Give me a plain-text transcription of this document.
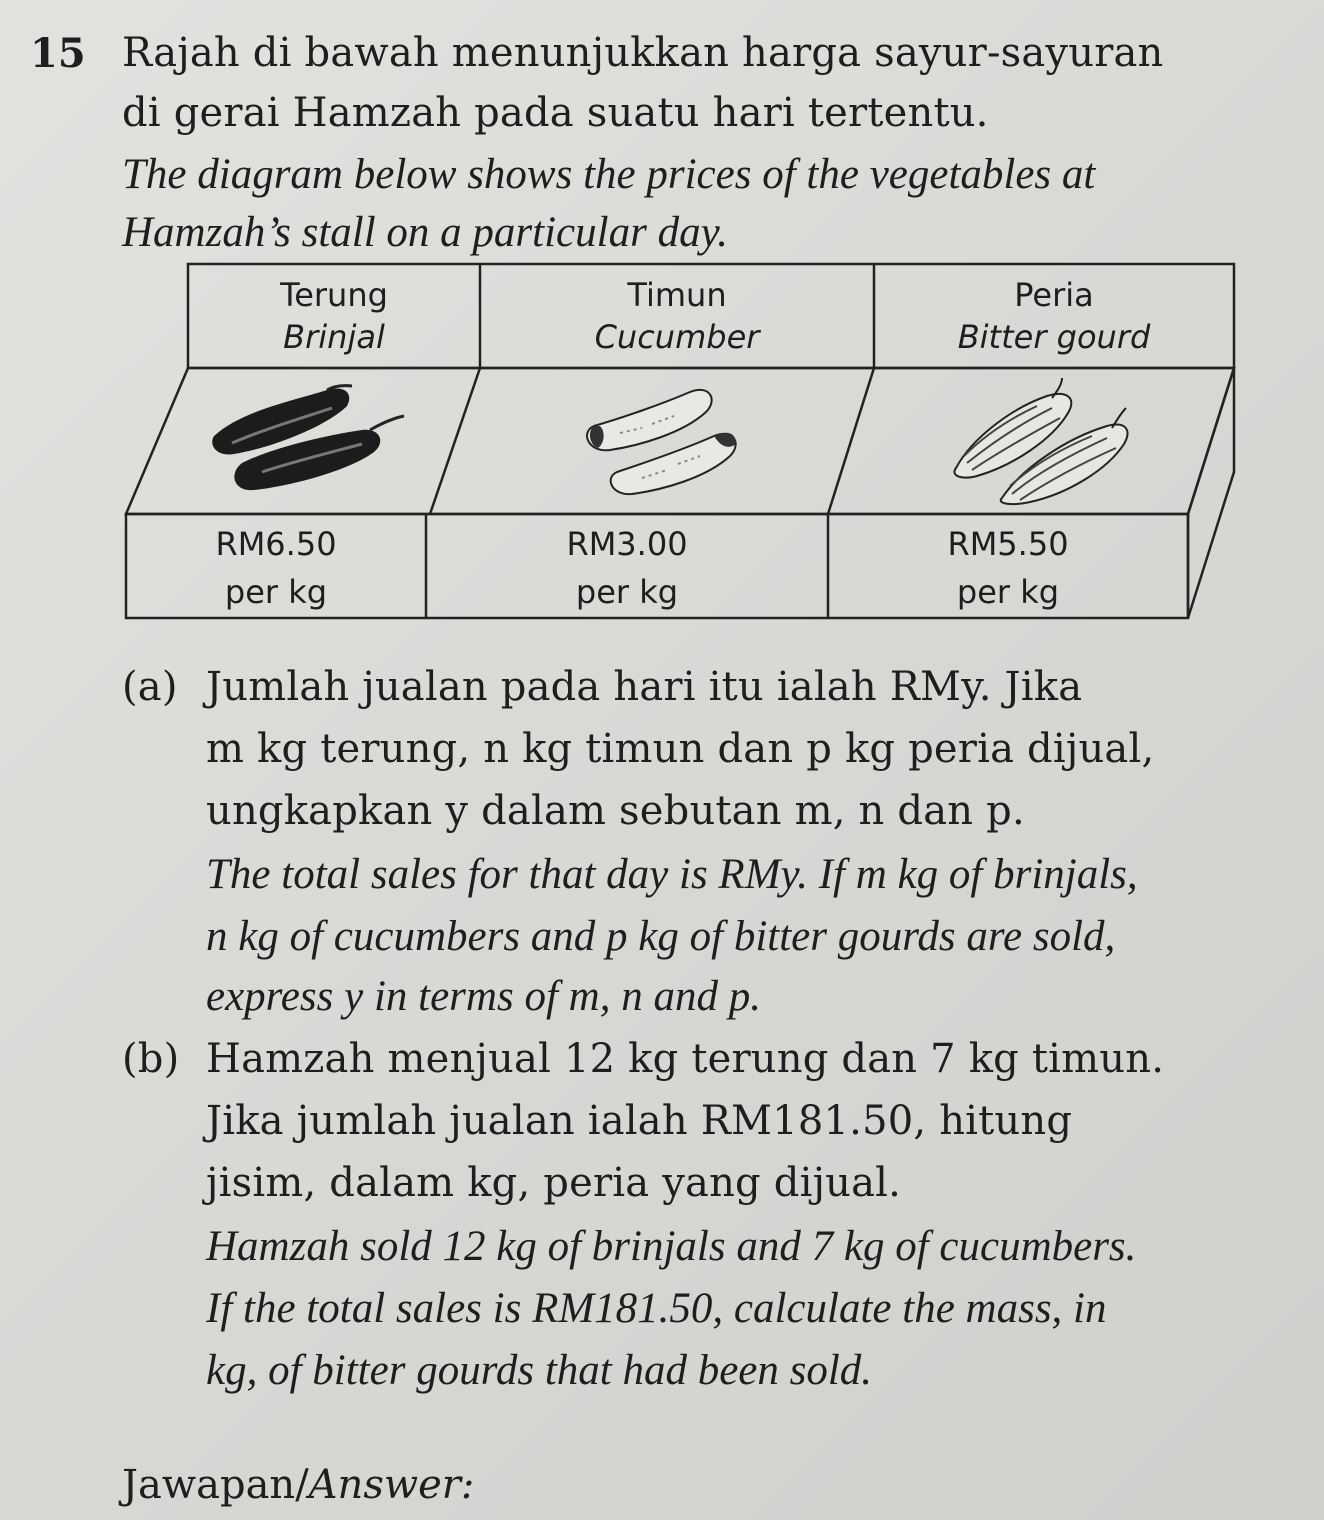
15 Rajah di bawah menunjukkan harga sayur-sayuran
di gerai Hamzah pada suatu hari tertentu.
The diagram below shows the prices of the vegetables at
Hamzah’s stall on a particular day.
Terung
Brinjal
Timun
Cucumber
Peria
Bitter gourd
RM6.50
per kg
RM3.00
per kg
RM5.50
per kg
(a) Jumlah jualan pada hari itu ialah RMy. Jika
m kg terung, n kg timun dan p kg peria dijual,
ungkapkan y dalam sebutan m, n dan p.
The total sales for that day is RMy. If m kg of brinjals,
n kg of cucumbers and p kg of bitter gourds are sold,
express y in terms of m, n and p.
(b) Hamzah menjual 12 kg terung dan 7 kg timun.
Jika jumlah jualan ialah RM181.50, hitung
jisim, dalam kg, peria yang dijual.
Hamzah sold 12 kg of brinjals and 7 kg of cucumbers.
If the total sales is RM181.50, calculate the mass, in
kg, of bitter gourds that had been sold.
Jawapan/Answer:
